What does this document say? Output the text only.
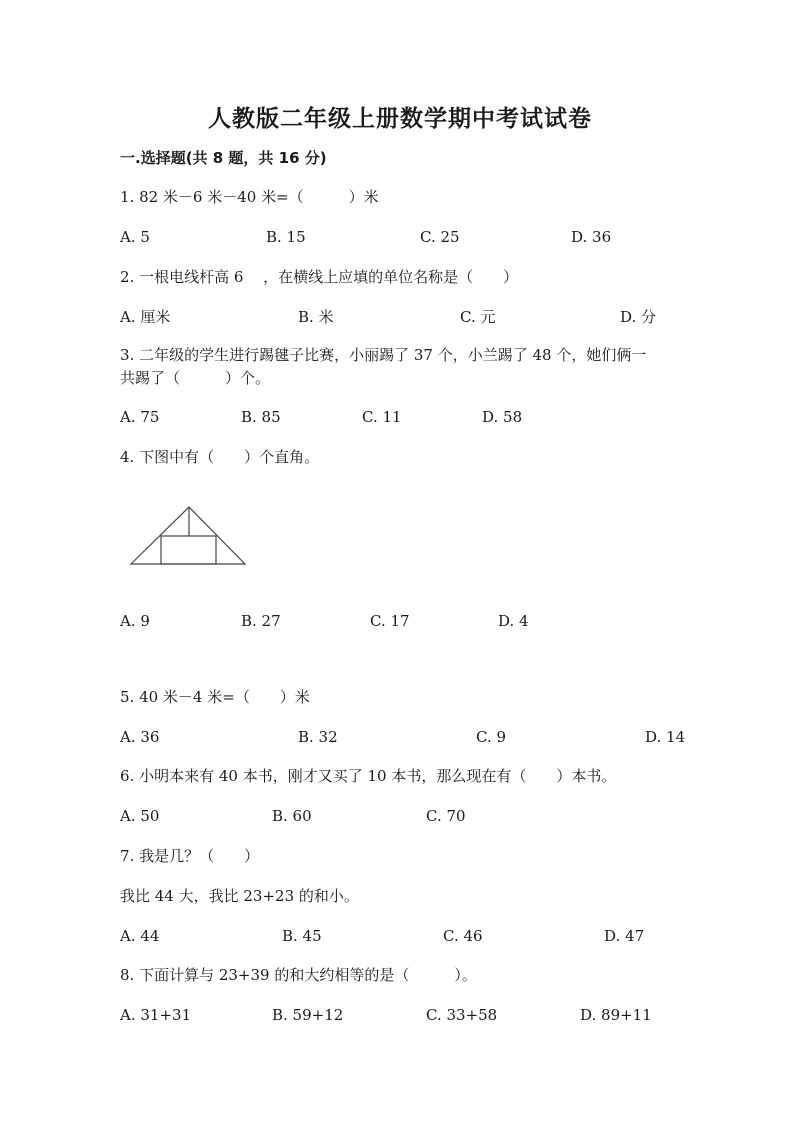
人教版二年级上册数学期中考试试卷
一.选择题(共 8 题，共 16 分)
1. 82 米－6 米－40 米=（　　　）米
A. 5	B. 15	C. 25	D. 36
2. 一根电线杆高 6　 ，在横线上应填的单位名称是（　　）
A. 厘米	B. 米	C. 元	D. 分
3. 二年级的学生进行踢毽子比赛，小丽踢了 37 个，小兰踢了 48 个，她们俩一
共踢了（　　　）个。
A. 75	B. 85	C. 11	D. 58
4. 下图中有（　　）个直角。
A. 9	B. 27	C. 17	D. 4
5. 40 米－4 米=（　　）米
A. 36	B. 32	C. 9	D. 14
6. 小明本来有 40 本书，刚才又买了 10 本书，那么现在有（　　）本书。
A. 50	B. 60	C. 70
7. 我是几？（　　）
我比 44 大，我比 23+23 的和小。
A. 44	B. 45	C. 46	D. 47
8. 下面计算与 23+39 的和大约相等的是（　　　）。
A. 31+31	B. 59+12	C. 33+58	D. 89+11
